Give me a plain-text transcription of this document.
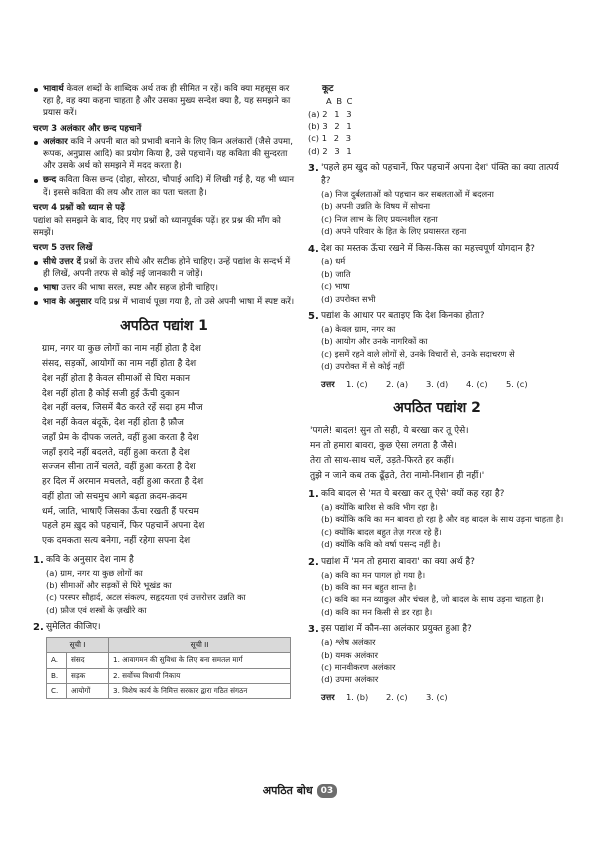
भावार्थ केवल शब्दों के शाब्दिक अर्थ तक ही सीमित न रहें। कवि क्या महसूस कर रहा है, वह क्या कहना चाहता है और उसका मुख्य सन्देश क्या है, यह समझने का प्रयास करें।
चरण 3 अलंकार और छन्द पहचानें
अलंकार कवि ने अपनी बात को प्रभावी बनाने के लिए किन अलंकारों (जैसे उपमा, रूपक, अनुप्रास आदि) का प्रयोग किया है, उसे पहचानें। यह कविता की सुन्दरता और उसके अर्थ को समझने में मदद करता है।
छन्द कविता किस छन्द (दोहा, सोरठा, चौपाई आदि) में लिखी गई है, यह भी ध्यान दें। इससे कविता की लय और ताल का पता चलता है।
चरण 4 प्रश्नों को ध्यान से पढ़ें
पद्यांश को समझने के बाद, दिए गए प्रश्नों को ध्यानपूर्वक पढ़ें। हर प्रश्न की माँग को समझें।
चरण 5 उत्तर लिखें
सीधे उत्तर दें प्रश्नों के उत्तर सीधे और सटीक होने चाहिए। उन्हें पद्यांश के सन्दर्भ में ही लिखें, अपनी तरफ से कोई नई जानकारी न जोड़ें।
भाषा उत्तर की भाषा सरल, स्पष्ट और सहज होनी चाहिए।
भाव के अनुसार यदि प्रश्न में भावार्थ पूछा गया है, तो उसे अपनी भाषा में स्पष्ट करें।
अपठित पद्यांश 1
ग्राम, नगर या कुछ लोगों का नाम नहीं होता है देश
संसद, सड़कों, आयोगों का नाम नहीं होता है देश
देश नहीं होता है केवल सीमाओं से घिरा मकान
देश नहीं होता है कोई सजी हुई ऊँची दुकान
देश नहीं क्लब, जिसमें बैठ करते रहें सदा हम मौज
देश नहीं केवल बंदूकें, देश नहीं होता है फ़ौज
जहाँ प्रेम के दीपक जलते, वहीं हुआ करता है देश
जहाँ इरादे नहीं बदलते, वहीं हुआ करता है देश
सज्जन सीना तानें चलते, वहीं हुआ करता है देश
हर दिल में अरमान मचलते, वहीं हुआ करता है देश
वहीं होता जो सचमुच आगे बढ़ता क़दम-क़दम
धर्म, जाति, भाषाएँ जिसका ऊँचा रखती हैं परचम
पहले हम ख़ुद को पहचानें, फिर पहचानें अपना देश
एक दमकता सत्य बनेगा, नहीं रहेगा सपना देश
1. कवि के अनुसार देश नाम है
(a) ग्राम, नगर या कुछ लोगों का
(b) सीमाओं और सड़कों से घिरे भूखंड का
(c) परस्पर सौहार्द, अटल संकल्प, सहृदयता एवं उत्तरोत्तर उन्नति का
(d) फ़ौज एवं शस्त्रों के ज़खीरे का
2. सुमेलित कीजिए।
सूची I		सूची II
A.	संसद	1. आवागमन की सुविधा के लिए बना समतल मार्ग
B.	सड़क	2. सर्वोच्च विधायी निकाय
C.	आयोगों	3. विशेष कार्य के निमित्त सरकार द्वारा गठित संगठन
कूट
A B C
(a) 2 1 3
(b) 3 2 1
(c) 1 2 3
(d) 2 3 1
3. 'पहले हम खुद को पहचानें, फिर पहचानें अपना देश' पंक्ति का क्या तात्पर्य है?
(a) निज दुर्बलताओं को पहचान कर सबलताओं में बदलना
(b) अपनी उन्नति के विषय में सोचना
(c) निज लाभ के लिए प्रयत्नशील रहना
(d) अपने परिवार के हित के लिए प्रयासरत रहना
4. देश का मस्तक ऊँचा रखने में किस-किस का महत्त्वपूर्ण योगदान है?
(a) धर्म
(b) जाति
(c) भाषा
(d) उपरोक्त सभी
5. पद्यांश के आधार पर बताइए कि देश किनका होता?
(a) केवल ग्राम, नगर का
(b) आयोग और उनके नागरिकों का
(c) इसमें रहने वाले लोगों से, उनके विचारों से, उनके सदाचरण से
(d) उपरोक्त में से कोई नहीं
उत्तर	1. (c)	2. (a)	3. (d)	4. (c)	5. (c)
अपठित पद्यांश 2
'पगले! बादल! सुन तो सही, ये बरखा कर तू ऐसे।
मन तो हमारा बावरा, कुछ ऐसा लगता है जैसे।
तेरा तो साथ-साथ चलें, उड़ते-फिरते हर कहीं।
तुझे न जाने कब तक ढूँढ़ते, तेरा नामो-निशान ही नहीं।'
1. कवि बादल से 'मत ये बरखा कर तू ऐसे' क्यों कह रहा है?
(a) क्योंकि बारिश से कवि भीग रहा है।
(b) क्योंकि कवि का मन बावरा हो रहा है और वह बादल के साथ उड़ना चाहता है।
(c) क्योंकि बादल बहुत तेज़ गरज रहे हैं।
(d) क्योंकि कवि को वर्षा पसन्द नहीं है।
2. पद्यांश में 'मन तो हमारा बावरा' का क्या अर्थ है?
(a) कवि का मन पागल हो गया है।
(b) कवि का मन बहुत शान्त है।
(c) कवि का मन व्याकुल और चंचल है, जो बादल के साथ उड़ना चाहता है।
(d) कवि का मन किसी से डर रहा है।
3. इस पद्यांश में कौन-सा अलंकार प्रयुक्त हुआ है?
(a) श्लेष अलंकार
(b) यमक अलंकार
(c) मानवीकरण अलंकार
(d) उपमा अलंकार
उत्तर	1. (b)	2. (c)	3. (c)
अपठित बोध 03
